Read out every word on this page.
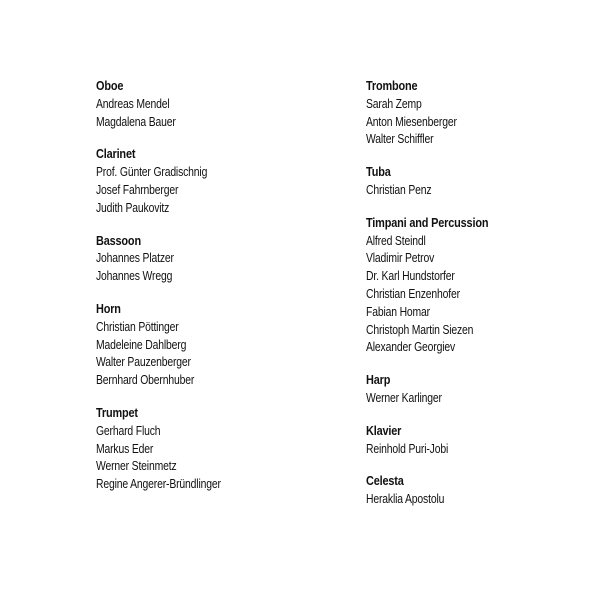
Oboe
Andreas Mendel
Magdalena Bauer
Clarinet
Prof. Günter Gradischnig
Josef Fahrnberger
Judith Paukovitz
Bassoon
Johannes Platzer
Johannes Wregg
Horn
Christian Pöttinger
Madeleine Dahlberg
Walter Pauzenberger
Bernhard Obernhuber
Trumpet
Gerhard Fluch
Markus Eder
Werner Steinmetz
Regine Angerer-Bründlinger
Trombone
Sarah Zemp
Anton Miesenberger
Walter Schiffler
Tuba
Christian Penz
Timpani and Percussion
Alfred Steindl
Vladimir Petrov
Dr. Karl Hundstorfer
Christian Enzenhofer
Fabian Homar
Christoph Martin Siezen
Alexander Georgiev
Harp
Werner Karlinger
Klavier
Reinhold Puri-Jobi
Celesta
Heraklia Apostolu
